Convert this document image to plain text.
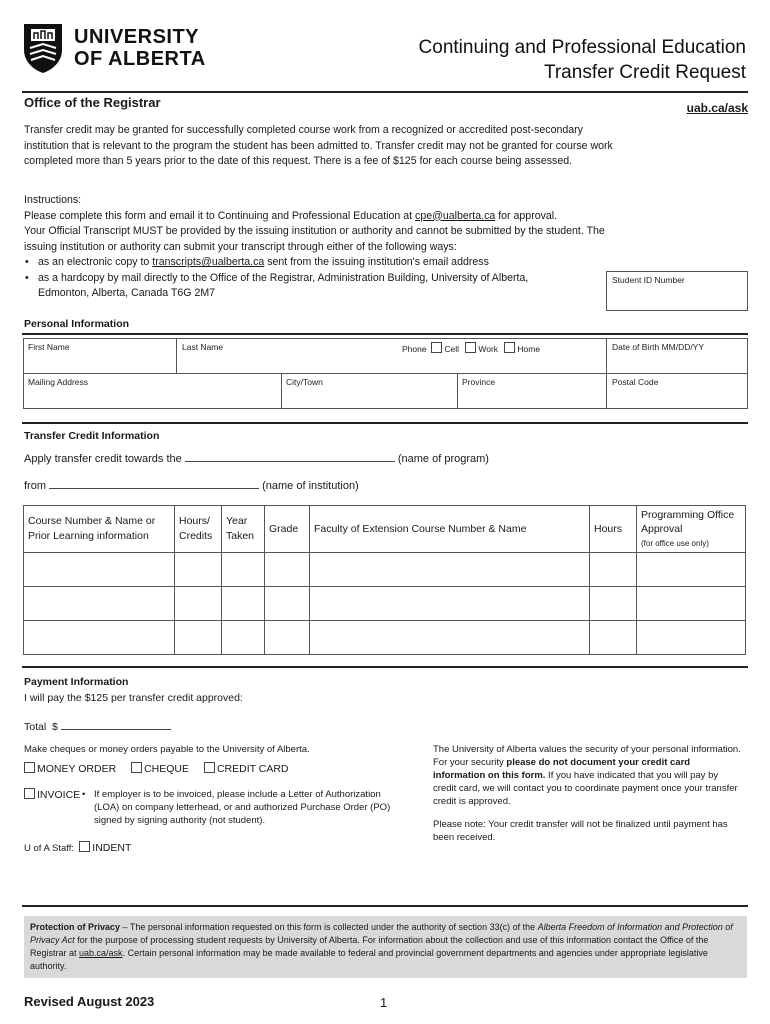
UNIVERSITY
OF ALBERTA
Continuing and Professional Education
Transfer Credit Request
Office of the Registrar	uab.ca/ask
Transfer credit may be granted for successfully completed course work from a recognized or accredited post-secondary institution that is relevant to the program the student has been admitted to. Transfer credit may not be granted for course work completed more than 5 years prior to the date of this request. There is a fee of $125 for each course being assessed.

Instructions:

Please complete this form and email it to Continuing and Professional Education at cpe@ualberta.ca for approval.

Your Official Transcript MUST be provided by the issuing institution or authority and cannot be submitted by the student. The issuing institution or authority can submit your transcript through either of the following ways:

• as an electronic copy to transcripts@ualberta.ca sent from the issuing institution's email address
• as a hardcopy by mail directly to the Office of the Registrar, Administration Building, University of Alberta, Edmonton, Alberta, Canada T6G 2M7
Student ID Number
Personal Information
First Name	Last Name	Phone Cell Work Home	Date of Birth MM/DD/YY
Mailing Address	City/Town	Province	Postal Code
Transfer Credit Information
Apply transfer credit towards the	(name of program)
from	(name of institution)
Course Number & Name or Prior Learning information	Hours/ Credits	Year Taken	Grade	Faculty of Extension Course Number & Name	Hours	Programming Office Approval
(for office use only)

Payment Information
I will pay the $125 per transfer credit approved:
Total $
Make cheques or money orders payable to the University of Alberta.
MONEY ORDER	CHEQUE	CREDIT CARD
INVOICE • If employer is to be invoiced, please include a Letter of Authorization (LOA) on company letterhead, or and authorized Purchase Order (PO) signed by signing authority (not student).
U of A Staff: INDENT
The University of Alberta values the security of your personal information. For your security please do not document your credit card information on this form. If you have indicated that you will pay by credit card, we will contact you to coordinate payment once your transfer credit is approved.
Please note: Your credit transfer will not be finalized until payment has been received.
Protection of Privacy – The personal information requested on this form is collected under the authority of section 33(c) of the Alberta Freedom of Information and Protection of Privacy Act for the purpose of processing student requests by University of Alberta. For information about the collection and use of this information contact the Office of the Registrar at uab.ca/ask. Certain personal information may be made available to federal and provincial government departments and agencies under appropriate legislative authority.
Revised August 2023	1
